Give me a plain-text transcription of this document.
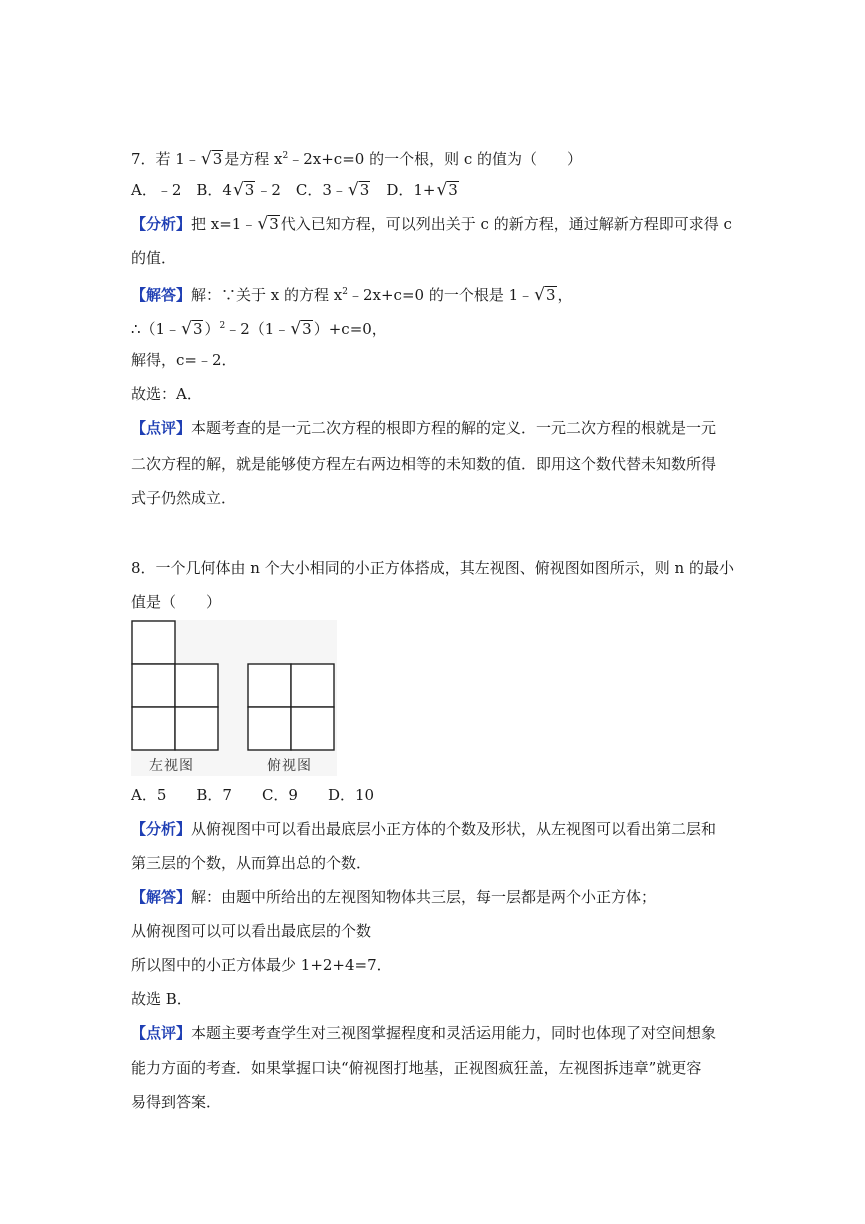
7．若 1﹣ √ 3 是方程 $x^2﹣2x+c=0$ 的一个根，则 c 的值为（　　）
A．﹣2　B．4 √ 3 ﹣2　C．3﹣ √ 3 　D．1+ √ 3
【分析】把 x=1﹣ √ 3 代入已知方程，可以列出关于 c 的新方程，通过解新方程即可求得 c
的值．
【解答】解：∵关于 x 的方程 $x^2﹣2x+c=0$ 的一个根是 1﹣ √ 3 ，
∴（1﹣ √ 3 ）$^2$﹣2（1﹣ √ 3 ）+c=0，
解得，c=﹣2．
故选：A．
【点评】本题考查的是一元二次方程的根即方程的解的定义．一元二次方程的根就是一元
二次方程的解，就是能够使方程左右两边相等的未知数的值．即用这个数代替未知数所得
式子仍然成立．
8．一个几何体由 n 个大小相同的小正方体搭成，其左视图、俯视图如图所示，则 n 的最小
值是（　　）
左视图	俯视图
A．5　　B．7　　C．9　　D．10
【分析】从俯视图中可以看出最底层小正方体的个数及形状，从左视图可以看出第二层和
第三层的个数，从而算出总的个数．
【解答】解：由题中所给出的左视图知物体共三层，每一层都是两个小正方体；
从俯视图可以可以看出最底层的个数
所以图中的小正方体最少 1+2+4=7．
故选 B．
【点评】本题主要考查学生对三视图掌握程度和灵活运用能力，同时也体现了对空间想象
能力方面的考查．如果掌握口诀“俯视图打地基，正视图疯狂盖，左视图拆违章”就更容
易得到答案．
